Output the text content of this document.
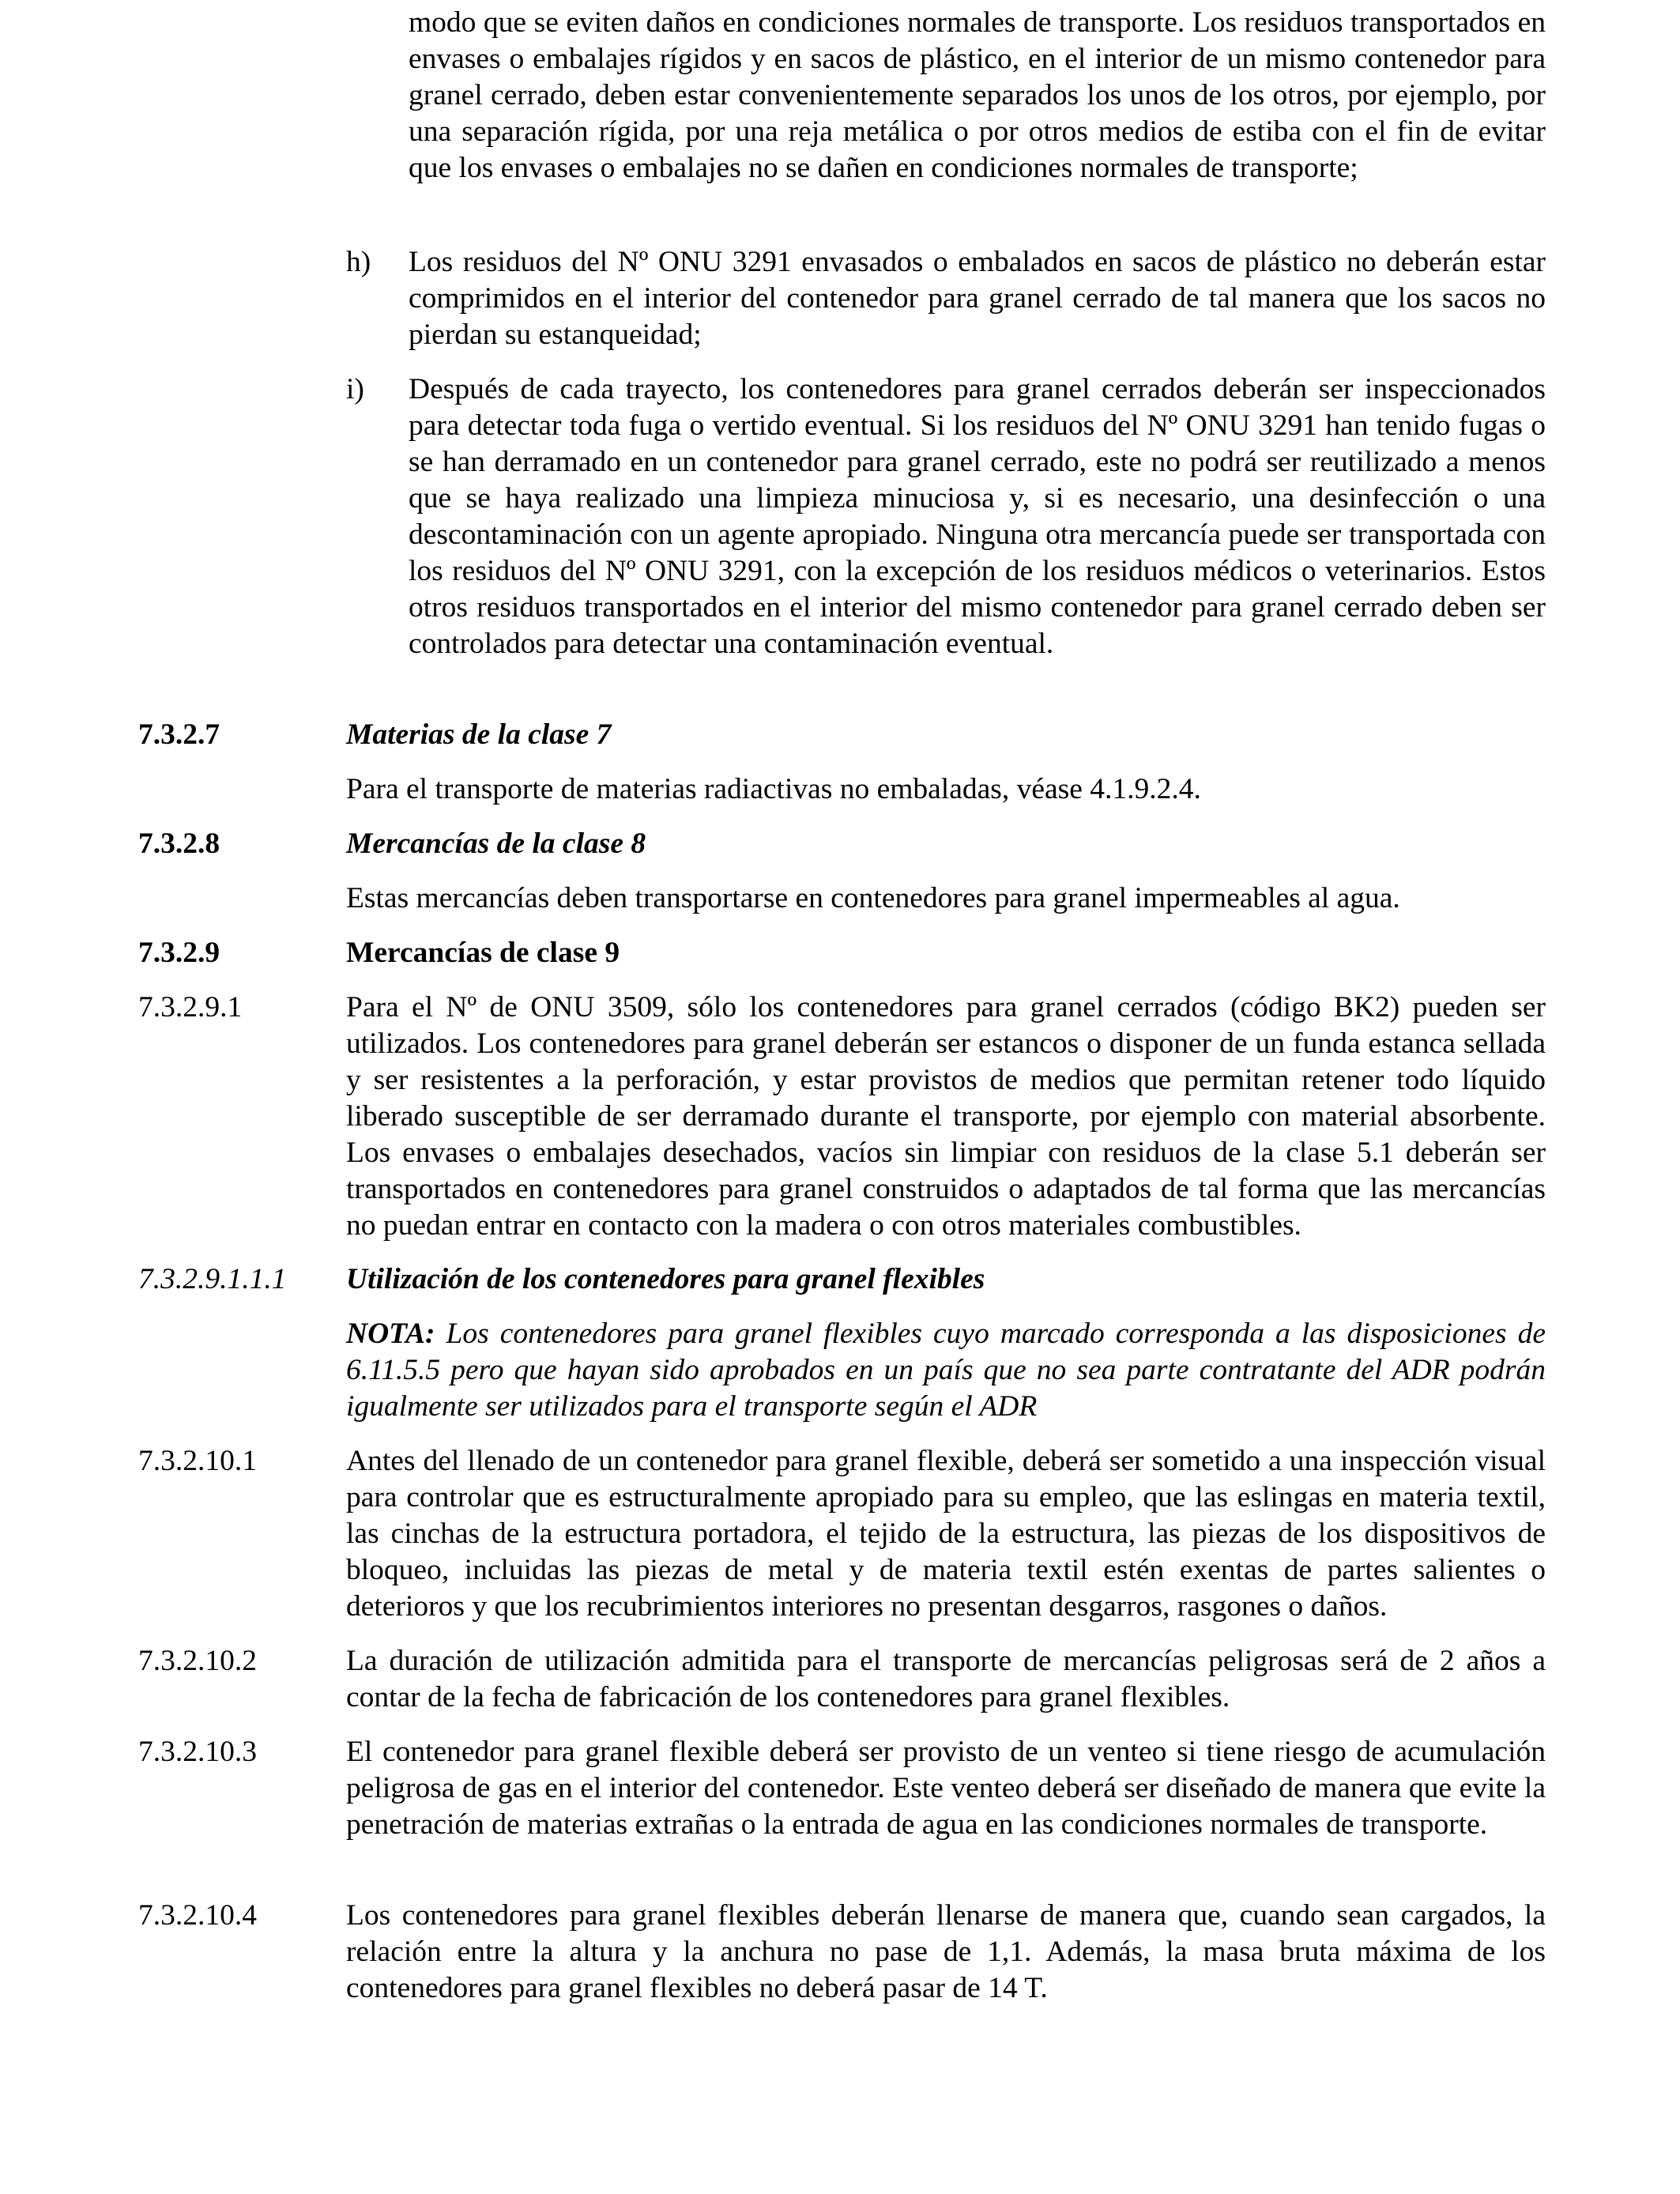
modo que se eviten daños en condiciones normales de transporte. Los residuos transportados en envases o embalajes rígidos y en sacos de plástico, en el interior de un mismo contenedor para granel cerrado, deben estar convenientemente separados los unos de los otros, por ejemplo, por una separación rígida, por una reja metálica o por otros medios de estiba con el fin de evitar que los envases o embalajes no se dañen en condiciones normales de transporte;
h) Los residuos del Nº ONU 3291 envasados o embalados en sacos de plástico no deberán estar comprimidos en el interior del contenedor para granel cerrado de tal manera que los sacos no pierdan su estanqueidad;
i) Después de cada trayecto, los contenedores para granel cerrados deberán ser inspeccionados para detectar toda fuga o vertido eventual. Si los residuos del Nº ONU 3291 han tenido fugas o se han derramado en un contenedor para granel cerrado, este no podrá ser reutilizado a menos que se haya realizado una limpieza minuciosa y, si es necesario, una desinfección o una descontaminación con un agente apropiado. Ninguna otra mercancía puede ser transportada con los residuos del Nº ONU 3291, con la excepción de los residuos médicos o veterinarios. Estos otros residuos transportados en el interior del mismo contenedor para granel cerrado deben ser controlados para detectar una contaminación eventual.
7.3.2.7	Materias de la clase 7
Para el transporte de materias radiactivas no embaladas, véase 4.1.9.2.4.
7.3.2.8	Mercancías de la clase 8
Estas mercancías deben transportarse en contenedores para granel impermeables al agua.
7.3.2.9	Mercancías de clase 9
7.3.2.9.1	Para el Nº de ONU 3509, sólo los contenedores para granel cerrados (código BK2) pueden ser utilizados. Los contenedores para granel deberán ser estancos o disponer de un funda estanca sellada y ser resistentes a la perforación, y estar provistos de medios que permitan retener todo líquido liberado susceptible de ser derramado durante el transporte, por ejemplo con material absorbente. Los envases o embalajes desechados, vacíos sin limpiar con residuos de la clase 5.1 deberán ser transportados en contenedores para granel construidos o adaptados de tal forma que las mercancías no puedan entrar en contacto con la madera o con otros materiales combustibles.
7.3.2.9.1.1.1 Utilización de los contenedores para granel flexibles
NOTA: Los contenedores para granel flexibles cuyo marcado corresponda a las disposiciones de 6.11.5.5 pero que hayan sido aprobados en un país que no sea parte contratante del ADR podrán igualmente ser utilizados para el transporte según el ADR
7.3.2.10.1	Antes del llenado de un contenedor para granel flexible, deberá ser sometido a una inspección visual para controlar que es estructuralmente apropiado para su empleo, que las eslingas en materia textil, las cinchas de la estructura portadora, el tejido de la estructura, las piezas de los dispositivos de bloqueo, incluidas las piezas de metal y de materia textil estén exentas de partes salientes o deterioros y que los recubrimientos interiores no presentan desgarros, rasgones o daños.
7.3.2.10.2	La duración de utilización admitida para el transporte de mercancías peligrosas será de 2 años a contar de la fecha de fabricación de los contenedores para granel flexibles.
7.3.2.10.3	El contenedor para granel flexible deberá ser provisto de un venteo si tiene riesgo de acumulación peligrosa de gas en el interior del contenedor. Este venteo deberá ser diseñado de manera que evite la penetración de materias extrañas o la entrada de agua en las condiciones normales de transporte.
7.3.2.10.4	Los contenedores para granel flexibles deberán llenarse de manera que, cuando sean cargados, la relación entre la altura y la anchura no pase de 1,1. Además, la masa bruta máxima de los contenedores para granel flexibles no deberá pasar de 14 T.
